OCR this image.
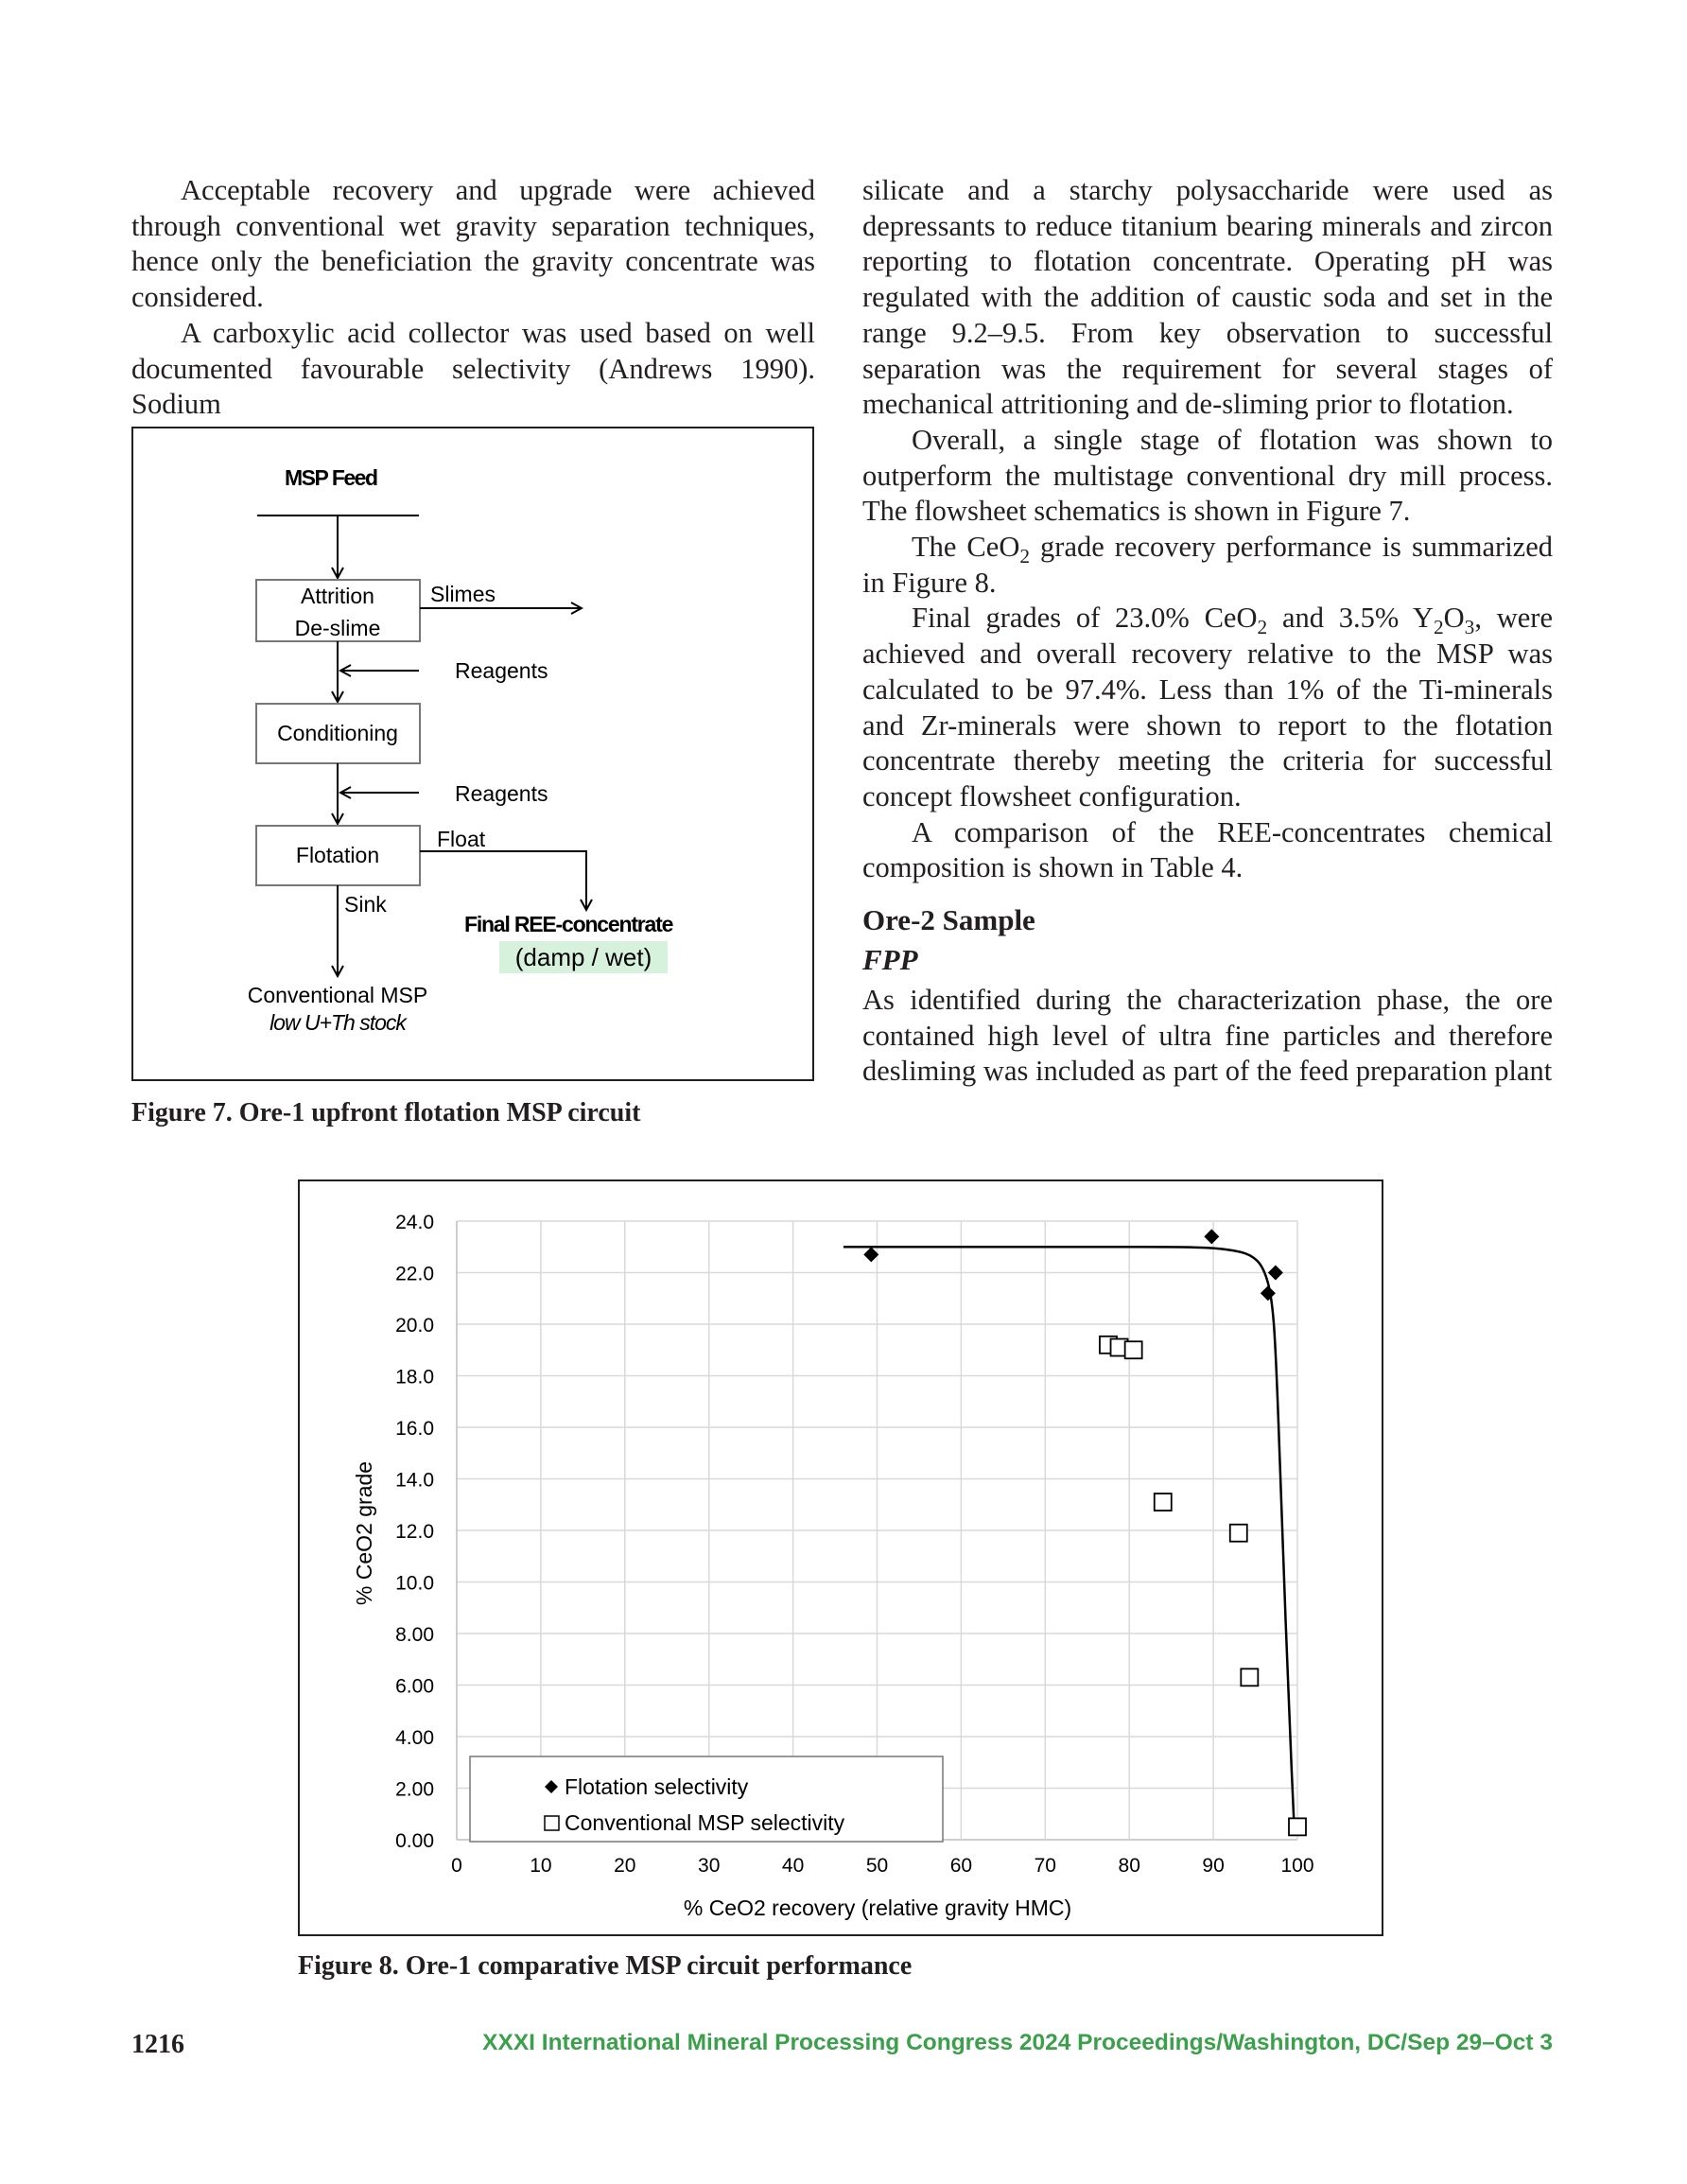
Acceptable recovery and upgrade were achieved through conventional wet gravity separation techniques, hence only the beneficiation the gravity concentrate was considered.

A carboxylic acid collector was used based on well documented favourable selectivity (Andrews 1990). Sodium

MSP Feed
Attrition
De-slime
Slimes
Reagents
Conditioning
Reagents
Flotation
Float
Sink
Final REE-concentrate
(damp / wet)
Conventional MSP
low U+Th stock
Figure 7. Ore-1 upfront flotation MSP circuit

silicate and a starchy polysaccharide were used as depressants to reduce titanium bearing minerals and zircon reporting to flotation concentrate. Operating pH was regulated with the addition of caustic soda and set in the range 9.2–9.5. From key observation to successful separation was the requirement for several stages of mechanical attritioning and de-sliming prior to flotation.

Overall, a single stage of flotation was shown to outperform the multistage conventional dry mill process. The flowsheet schematics is shown in Figure 7.

The CeO$_2$ grade recovery performance is summarized in Figure 8.

Final grades of 23.0% CeO$_2$ and 3.5% $Y_2O_3$, were achieved and overall recovery relative to the MSP was calculated to be 97.4%. Less than 1% of the Ti-minerals and Zr-minerals were shown to report to the flotation concentrate thereby meeting the criteria for successful concept flowsheet configuration.

A comparison of the REE-concentrates chemical composition is shown in Table 4.

Ore-2 Sample
FPP

As identified during the characterization phase, the ore contained high level of ultra fine particles and therefore desliming was included as part of the feed preparation plant

0.00
2.00
4.00
6.00
8.00
10.0
12.0
14.0
16.0
18.0
20.0
22.0
24.0
0	10	20	30	40	50	60	70	80	90	100
% CeO2 grade
% CeO2 recovery (relative gravity HMC)
Flotation selectivity
Conventional MSP selectivity
Figure 8. Ore-1 comparative MSP circuit performance
1216	XXXI International Mineral Processing Congress 2024 Proceedings/Washington, DC/Sep 29–Oct 3
